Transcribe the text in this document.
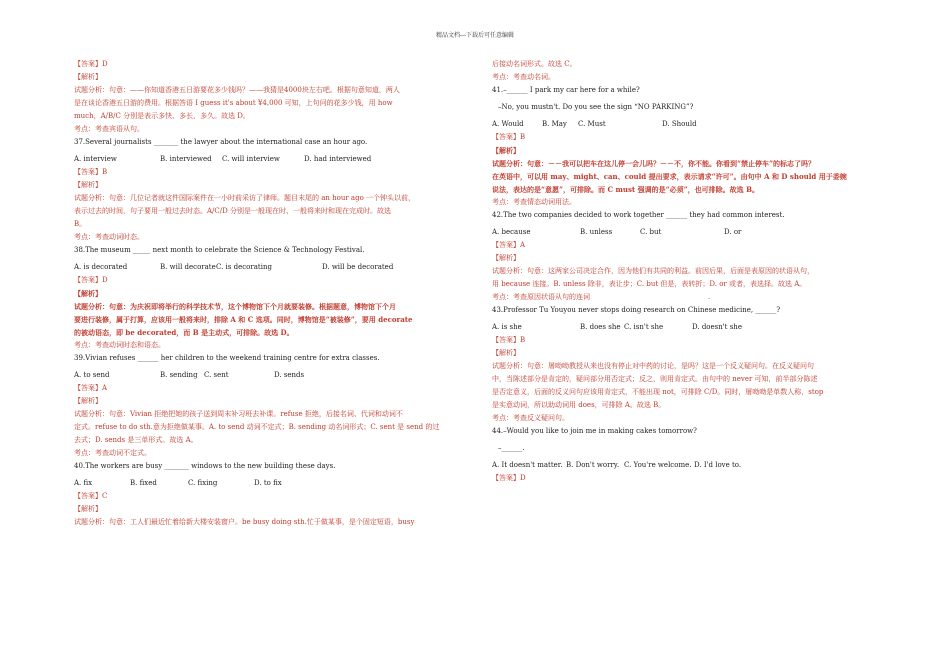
精品文档---下载后可任意编辑
【答案】D
【解析】
试题分析：句意：——你知道香港五日游要花多少钱吗？——我猜是4000块左右吧。根据句意知道，两人
是在谈论香港五日游的费用。根据答语 I guess it's about ¥4,000 可知，上句问的花多少钱，用 how
much，A/B/C 分别是表示多快、多长、多久。故选 D。
考点：考查宾语从句。
37.Several journalists _______ the lawyer about the international case an hour ago.
A. interview	B. interviewed C. will interview	D. had interviewed
【答案】B
【解析】
试题分析：句意：几位记者就这件国际案件在一小时前采访了律师。题目末尾的 an hour ago 一个钟头以前，
表示过去的时间，句子要用一般过去时态。A/C/D 分别是一般现在时、一般将来时和现在完成时。故选
B。
考点：考查动词时态。
38.The museum _____ next month to celebrate the Science & Technology Festival.
A. is decorated	B. will decorateC. is decorating	D. will be decorated
【答案】D
【解析】
试题分析：句意：为庆祝即将举行的科学技术节，这个博物馆下个月就要装修。根据题意，博物馆下个月
要进行装修，属于打算，应该用一般将来时，排除 A 和 C 选项。同时，博物馆是“被装修”，要用 decorate
的被动语态，即 be decorated，而 B 是主动式，可排除。故选 D。
考点：考查动词时态和语态。
39.Vivian refuses ______ her children to the weekend training centre for extra classes.
A. to send	B. sending C. sent	D. sends
【答案】A
【解析】
试题分析：句意：Vivian 拒绝把她的孩子送到周末补习班去补课。refuse 拒绝，后接名词、代词和动词不
定式。refuse to do sth.意为拒绝做某事。A. to send 动词不定式；B. sending 动名词形式；C. sent 是 send 的过
去式；D. sends 是三单形式。故选 A。
考点：考查动词不定式。
40.The workers are busy _______ windows to the new building these days.
A. fix	B. fixed	C. fixing	D. to fix
【答案】C
【解析】
试题分析：句意：工人们最近忙着给新大楼安装窗户。be busy doing sth.忙于做某事，是个固定短语，busy
后接动名词形式。故选 C。
考点：考查动名词。
41.–______ I park my car here for a while?
–No, you mustn't. Do you see the sign “NO PARKING”?
A. Would	B. May C. Must	D. Should
【答案】B
【解析】
试题分析：句意：－－我可以把车在这儿停一会儿吗？－－不，你不能。你看到“禁止停车”的标志了吗？
在英语中，可以用 may、might、can、could 提出要求，表示请求“许可”。由句中 A 和 D should 用于委婉
说法，表达的是“意愿”，可排除。而 C must 强调的是“必须”，也可排除。故选 B。
考点：考查情态动词用法。
42.The two companies decided to work together ______ they had common interest.
A. because	B. unless	C. but	D. or
【答案】A
【解析】
试题分析：句意：这两家公司决定合作，因为他们有共同的利益。前因后果，后面是表原因的状语从句，
用 because 连接。B. unless 除非，表让步；C. but 但是，表转折；D. or 或者，表选择。故选 A。
考点：考查原因状语从句的连词	.
43.Professor Tu Youyou never stops doing research on Chinese medicine, ______?
A. is she	B. does she C. isn't she	D. doesn't she
【答案】B
【解析】
试题分析：句意：屠呦呦教授从来也没有停止对中药的讨论，是吗？这是一个反义疑问句。在反义疑问句
中，当陈述部分是肯定的，疑问部分用否定式；反之，则用肯定式。由句中的 never 可知，前半部分陈述
是否定意义，后面的反义问句应该用肯定式，不能出现 not，可排除 C/D。同时，屠呦呦是单数人称，stop
是实意动词，所以助动词用 does，可排除 A。故选 B。
考点：考查反义疑问句。
44.–Would you like to join me in making cakes tomorrow?
–______.
A. It doesn't matter. B. Don't worry. C. You're welcome. D. I'd love to.
【答案】D
